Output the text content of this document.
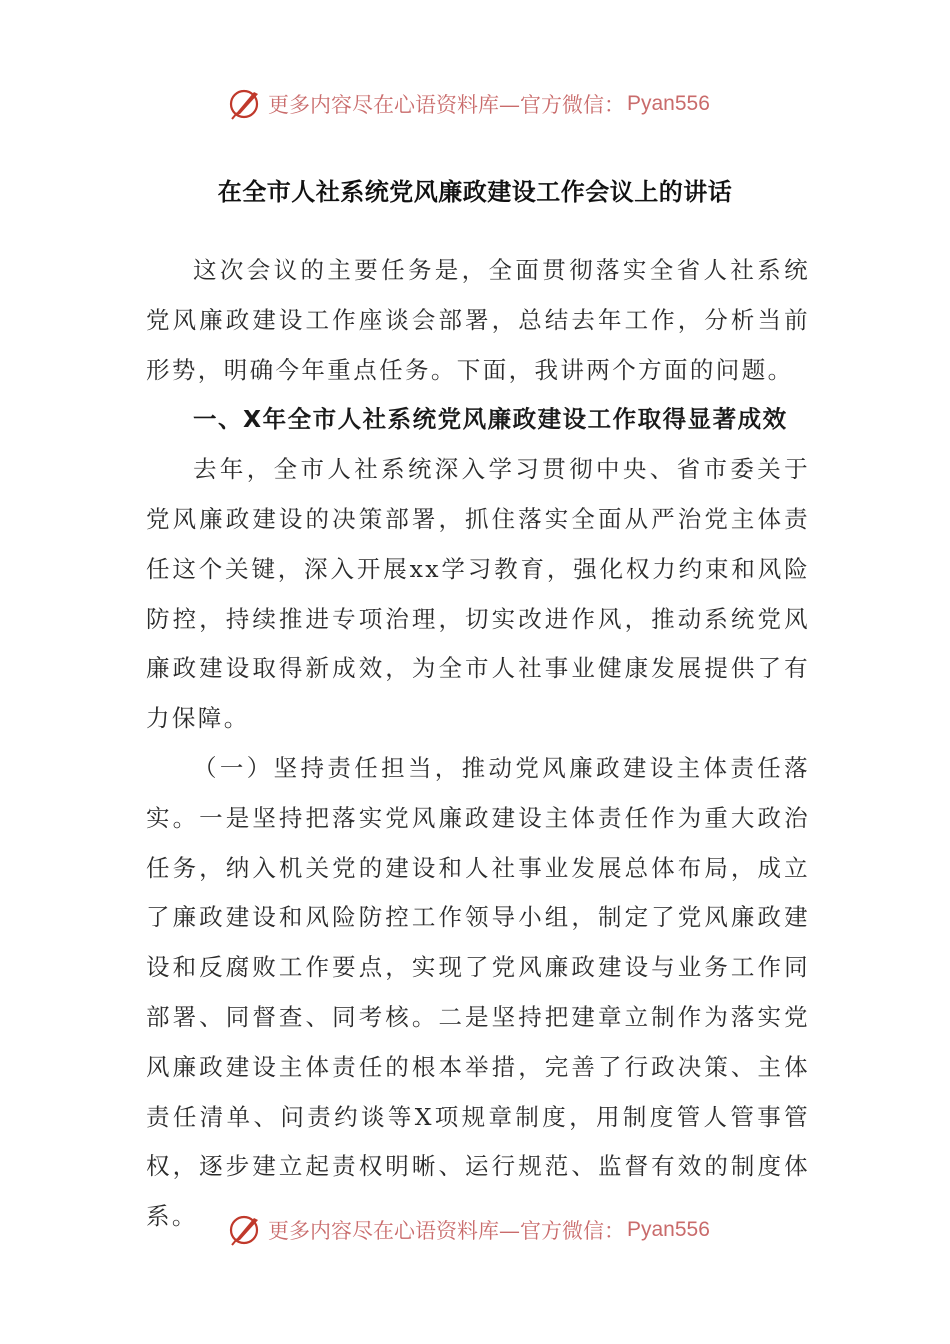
更多内容尽在心语资料库—官方微信： Pyan556
在全市人社系统党风廉政建设工作会议上的讲话

这次会议的主要任务是，全面贯彻落实全省人社系统党风廉政建设工作座谈会部署，总结去年工作，分析当前形势，明确今年重点任务。下面，我讲两个方面的问题。

一、X年全市人社系统党风廉政建设工作取得显著成效

去年，全市人社系统深入学习贯彻中央、省市委关于党风廉政建设的决策部署，抓住落实全面从严治党主体责任这个关键，深入开展xx学习教育，强化权力约束和风险防控，持续推进专项治理，切实改进作风，推动系统党风廉政建设取得新成效，为全市人社事业健康发展提供了有力保障。

（一）坚持责任担当，推动党风廉政建设主体责任落实。一是坚持把落实党风廉政建设主体责任作为重大政治任务，纳入机关党的建设和人社事业发展总体布局，成立了廉政建设和风险防控工作领导小组，制定了党风廉政建设和反腐败工作要点，实现了党风廉政建设与业务工作同部署、同督查、同考核。二是坚持把建章立制作为落实党风廉政建设主体责任的根本举措，完善了行政决策、主体责任清单、问责约谈等X项规章制度，用制度管人管事管权，逐步建立起责权明晰、运行规范、监督有效的制度体系。

更多内容尽在心语资料库—官方微信： Pyan556
